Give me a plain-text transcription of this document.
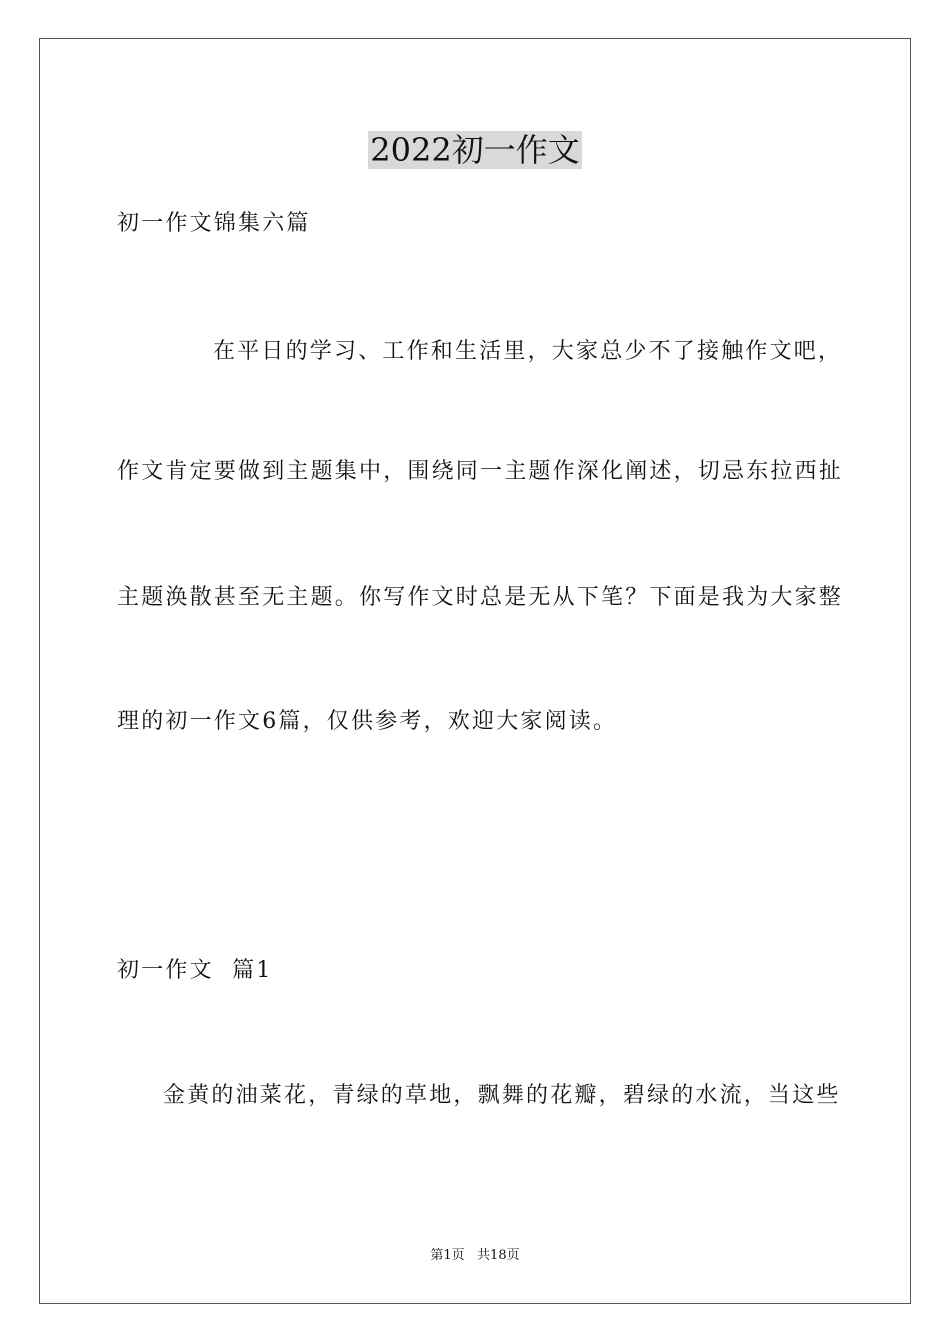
2022初一作文
初一作文锦集六篇
在平日的学习、工作和生活里，大家总少不了接触作文吧，
作文肯定要做到主题集中，围绕同一主题作深化阐述，切忌东拉西扯
主题涣散甚至无主题。你写作文时总是无从下笔？下面是我为大家整
理的初一作文6篇，仅供参考，欢迎大家阅读。
初一作文  篇1
金黄的油菜花，青绿的草地，飘舞的花瓣，碧绿的水流，当这些
第1页   共18页
